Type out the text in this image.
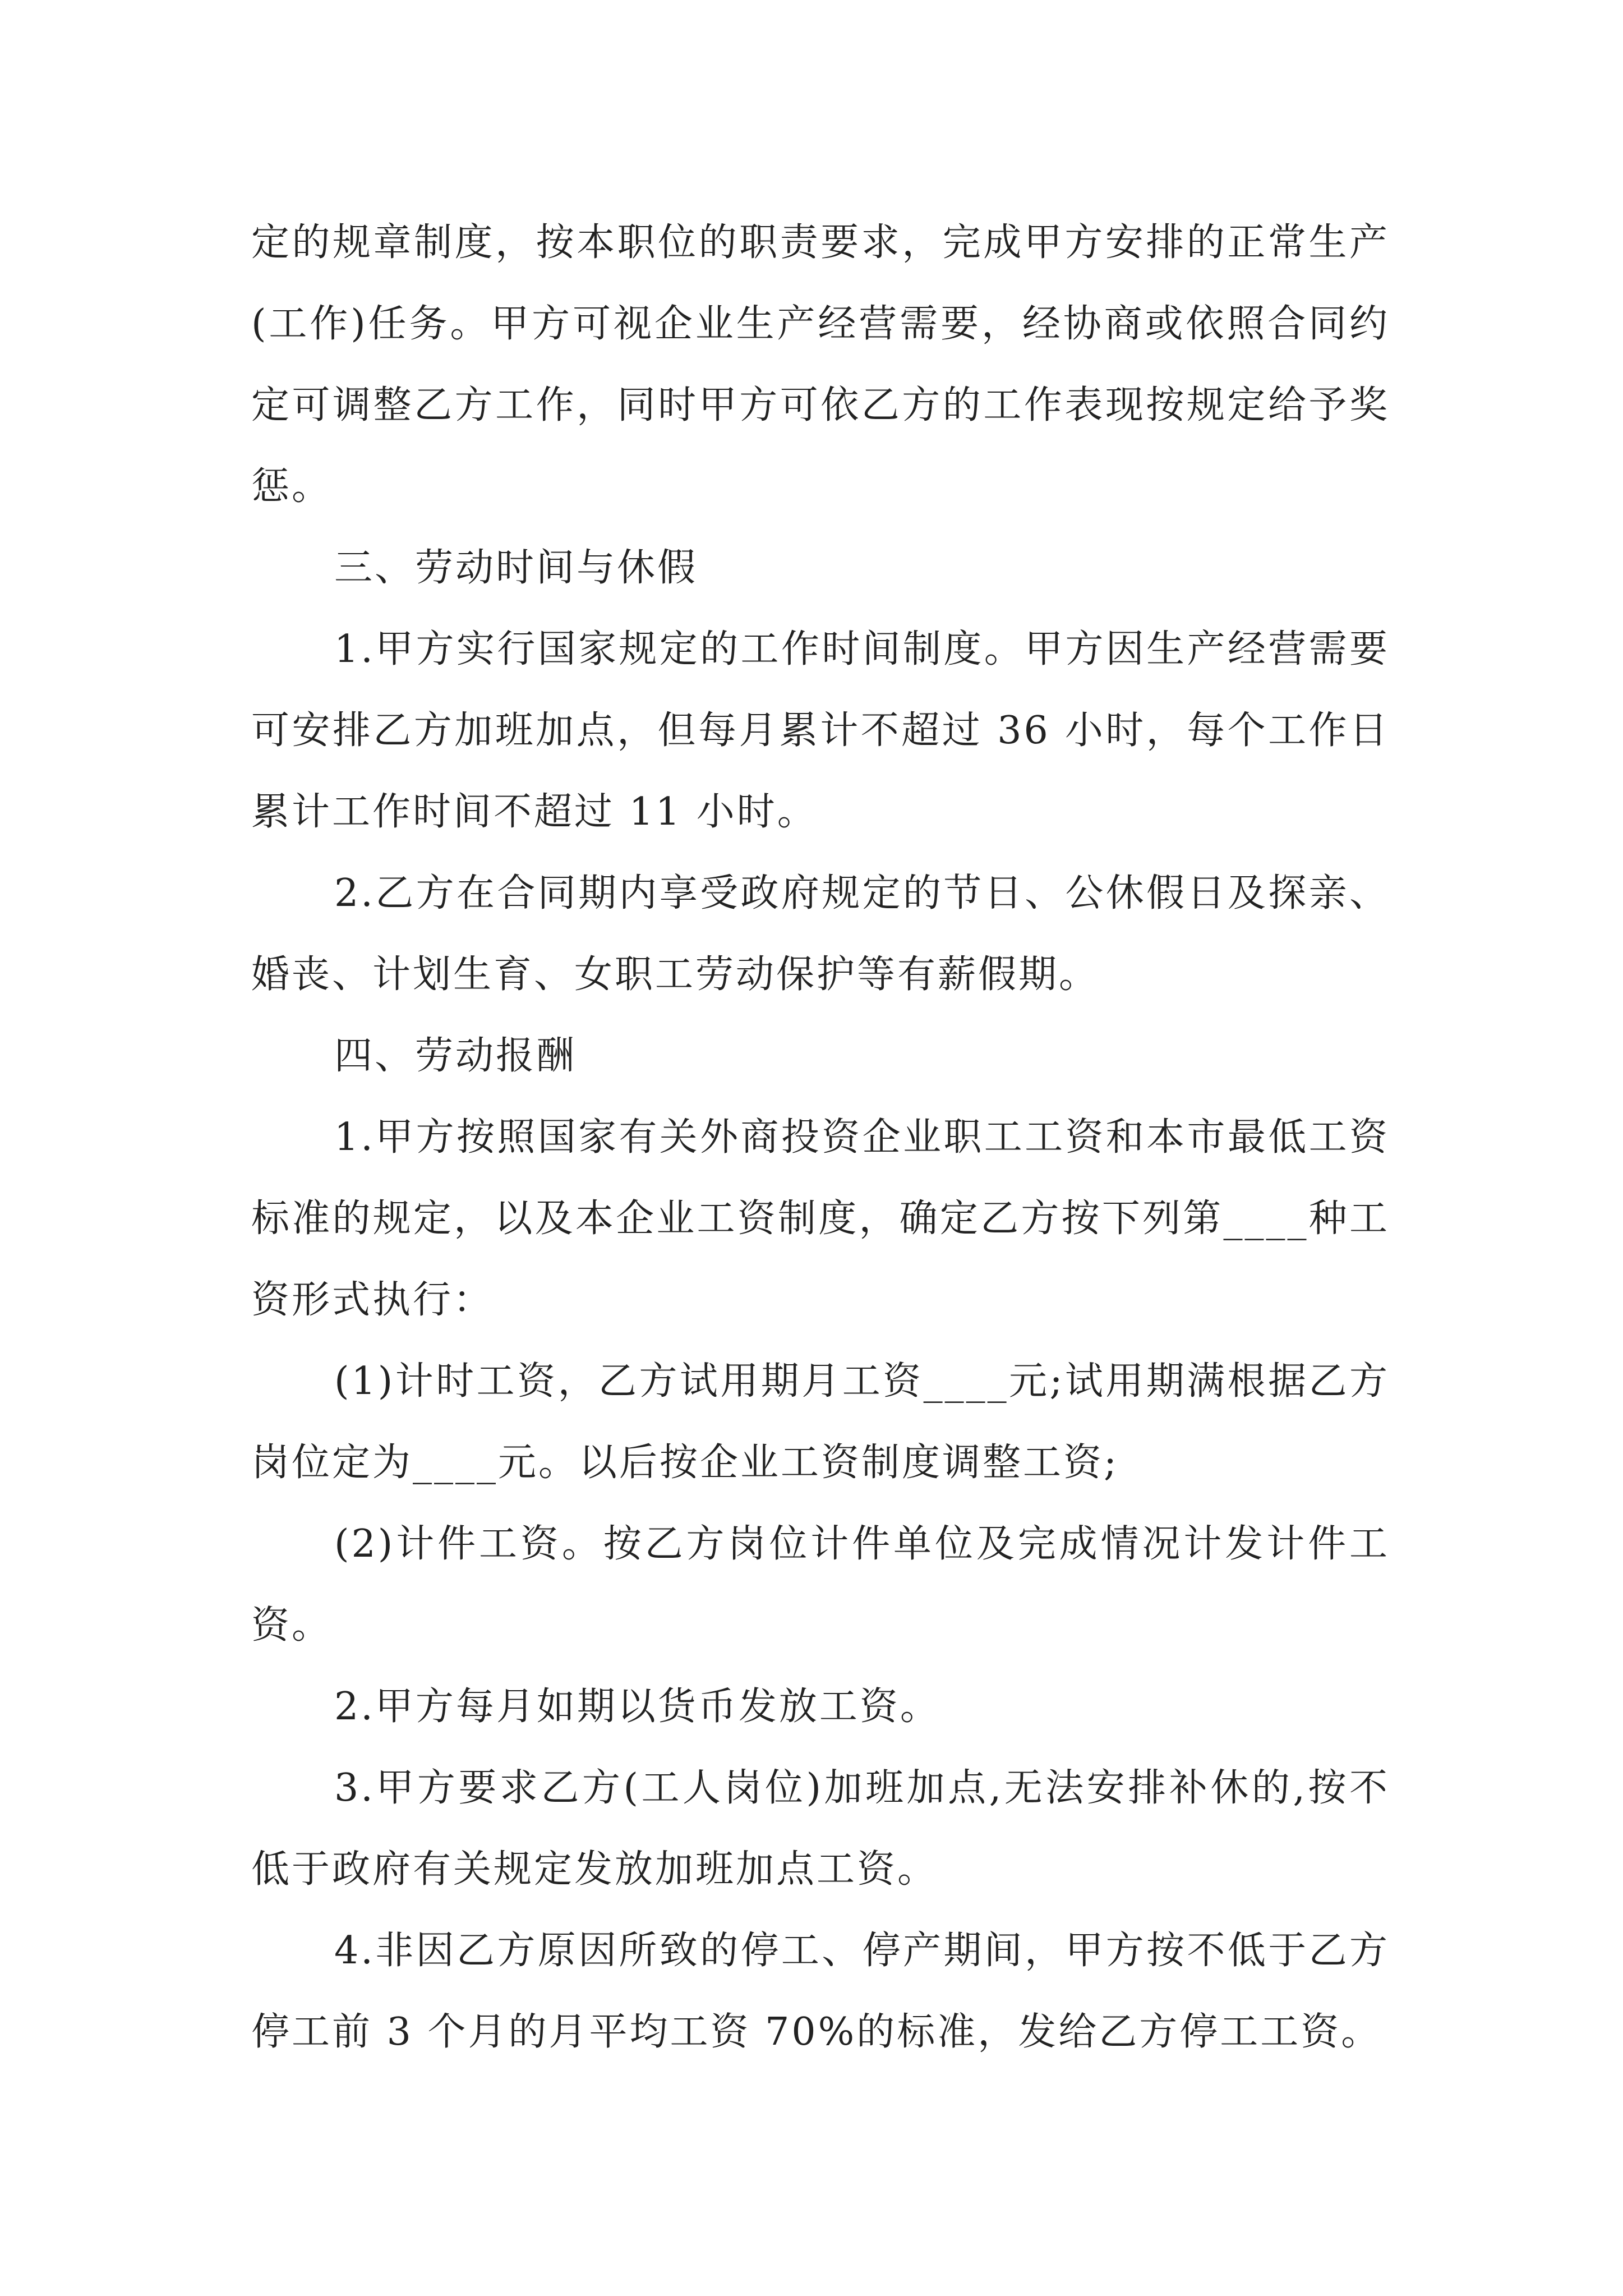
定的规章制度，按本职位的职责要求，完成甲方安排的正常生产(工作)任务。甲方可视企业生产经营需要，经协商或依照合同约定可调整乙方工作，同时甲方可依乙方的工作表现按规定给予奖惩。

三、劳动时间与休假

1.甲方实行国家规定的工作时间制度。甲方因生产经营需要可安排乙方加班加点，但每月累计不超过 36 小时，每个工作日累计工作时间不超过 11 小时。

2.乙方在合同期内享受政府规定的节日、公休假日及探亲、婚丧、计划生育、女职工劳动保护等有薪假期。

四、劳动报酬

1.甲方按照国家有关外商投资企业职工工资和本市最低工资标准的规定，以及本企业工资制度，确定乙方按下列第____种工资形式执行：

(1)计时工资，乙方试用期月工资____元;试用期满根据乙方岗位定为____元。以后按企业工资制度调整工资;

(2)计件工资。按乙方岗位计件单位及完成情况计发计件工资。

2.甲方每月如期以货币发放工资。

3.甲方要求乙方(工人岗位)加班加点,无法安排补休的,按不低于政府有关规定发放加班加点工资。

4.非因乙方原因所致的停工、停产期间，甲方按不低于乙方停工前 3 个月的月平均工资 70%的标准，发给乙方停工工资。
